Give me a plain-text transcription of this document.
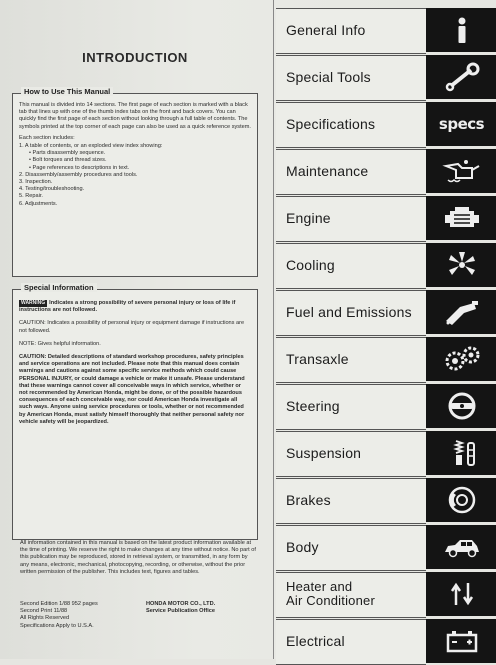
INTRODUCTION
How to Use This Manual

This manual is divided into 14 sections. The first page of each section is marked with a black tab that lines up with one of the thumb index tabs on the front and back covers. You can quickly find the first page of each section without looking through a full table of contents. The symbols printed at the top corner of each page can also be used as a quick reference system.

Each section includes:

1. A table of contents, or an exploded view index showing:
• Parts disassembly sequence.
• Bolt torques and thread sizes.
• Page references to descriptions in text.
2. Disassembly/assembly procedures and tools.
3. Inspection.
4. Testing/troubleshooting.
5. Repair.
6. Adjustments.
Special Information

WARNING Indicates a strong possibility of severe personal injury or loss of life if instructions are not followed.

CAUTION: Indicates a possibility of personal injury or equipment damage if instructions are not followed.

NOTE: Gives helpful information.

CAUTION: Detailed descriptions of standard workshop procedures, safety principles and service operations are not included. Please note that this manual does contain warnings and cautions against some specific service methods which could cause PERSONAL INJURY, or could damage a vehicle or make it unsafe. Please understand that these warnings cannot cover all conceivable ways in which service, whether or not recommended by American Honda, might be done, or of the possible hazardous consequences of each conceivable way, nor could American Honda investigate all such ways. Anyone using service procedures or tools, whether or not recommended by American Honda, must satisfy himself thoroughly that neither personal safety nor vehicle safety will be jeopardized.

All information contained in this manual is based on the latest product information available at the time of printing. We reserve the right to make changes at any time without notice. No part of this publication may be reproduced, stored in retrieval system, or transmitted, in any form by any means, electronic, mechanical, photocopying, recording, or otherwise, without the prior written permission of the publisher. This includes text, figures and tables.
Second Edition 1/88 952 pages
Second Print 11/88
All Rights Reserved
Specifications Apply to U.S.A.
HONDA MOTOR CO., LTD.
Service Publication Office
General Info
Special Tools
Specifications	specs
Maintenance
Engine
Cooling
Fuel and Emissions
Transaxle
Steering
Suspension
Brakes
Body
Heater and
Air Conditioner
Electrical
